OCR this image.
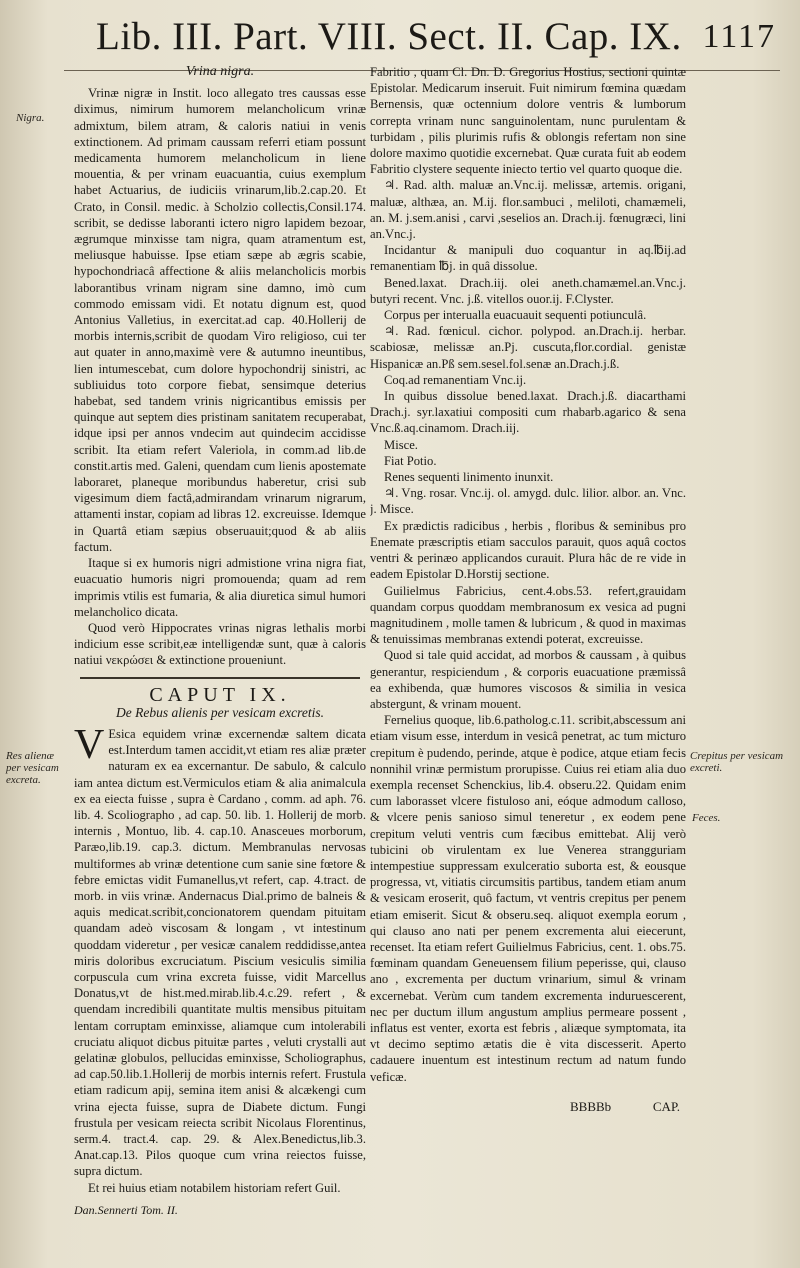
Lib. III. Part. VIII. Sect. II. Cap. IX. 1117
Nigra.
Res alienæ per vesicam excreta.
Crepitus per vesicam excreti.
Feces.
Vrina nigra.

Vrinæ nigræ in Instit. loco allegato tres caussas esse diximus, nimirum humorem melancholicum vrinæ admixtum, bilem atram, & caloris natiui in venis extinctionem. Ad primam caussam referri etiam possunt medicamenta humorem melancholicum in liene mouentia, & per vrinam euacuantia, cuius exemplum habet Actuarius, de iudiciis vrinarum,lib.2.cap.20. Et Crato, in Consil. medic. à Scholzio collectis,Consil.174. scribit, se dedisse laboranti ictero nigro lapidem bezoar, ægrumque minxisse tam nigra, quam atramentum est, meliusque habuisse. Ipse etiam sæpe ab ægris scabie, hypochondriacâ affectione & aliis melancholicis morbis laborantibus vrinam nigram sine damno, imò cum commodo emissam vidi. Et notatu dignum est, quod Antonius Valletius, in exercitat.ad cap. 40.Hollerij de morbis internis,scribit de quodam Viro religioso, cui ter aut quater in anno,maximè vere & autumno ineuntibus, lien intumescebat, cum dolore hypochondrij sinistri, ac subliuidus toto corpore fiebat, sensimque deterius habebat, sed tandem vrinis nigricantibus emissis per quinque aut septem dies pristinam sanitatem recuperabat, idque ipsi per annos vndecim aut quindecim accidisse scribit. Ita etiam refert Valeriola, in comm.ad lib.de constit.artis med. Galeni, quendam cum lienis apostemate laboraret, planeque moribundus haberetur, crisi sub vigesimum diem factâ,admirandam vrinarum nigrarum, attamenti instar, copiam ad libras 12. excreuisse. Idemque in Quartâ etiam sæpius obseruauit;quod & ab aliis factum.

Itaque si ex humoris nigri admistione vrina nigra fiat, euacuatio humoris nigri promouenda; quam ad rem imprimis vtilis est fumaria, & alia diuretica simul humori melancholico dicata.

Quod verò Hippocrates vrinas nigras lethalis morbi indicium esse scribit,eæ intelligendæ sunt, quæ à caloris natiui νεκρώσει & extinctione proueniunt.

CAPUT IX.
De Rebus alienis per vesicam excretis.

V Esica equidem vrinæ excernendæ saltem dicata est.Interdum tamen accidit,vt etiam res aliæ præter naturam ex ea excernantur. De sabulo, & calculo iam antea dictum est.Vermiculos etiam & alia animalcula ex ea eiecta fuisse , supra è Cardano , comm. ad aph. 76. lib. 4. Scoliographo , ad cap. 50. lib. 1. Hollerij de morb. internis , Montuo, lib. 4. cap.10. Anasceues morborum, Paræo,lib.19. cap.3. dictum. Membranulas nervosas multiformes ab vrinæ detentione cum sanie sine fœtore & febre emictas vidit Fumanellus,vt refert, cap. 4.tract. de morb. in viis vrinæ. Andernacus Dial.primo de balneis & aquis medicat.scribit,concionatorem quendam pituitam quandam adeò viscosam & longam , vt intestinum quoddam videretur , per vesicæ canalem reddidisse,antea miris doloribus excruciatum. Piscium vesiculis similia corpuscula cum vrina excreta fuisse, vidit Marcellus Donatus,vt de hist.med.mirab.lib.4.c.29. refert , & quendam incredibili quantitate multis mensibus pituitam lentam corruptam eminxisse, aliamque cum intolerabili cruciatu aliquot dicbus pituitæ partes , veluti crystalli aut gelatinæ globulos, pellucidas eminxisse, Scholiographus, ad cap.50.lib.1.Hollerij de morbis internis refert. Frustula etiam radicum apij, semina item anisi & alcækengi cum vrina ejecta fuisse, supra de Diabete dictum. Fungi frustula per vesicam reiecta scribit Nicolaus Florentinus, serm.4. tract.4. cap. 29. & Alex.Benedictus,lib.3. Anat.cap.13. Pilos quoque cum vrina reiectos fuisse, supra dictum.

Et rei huius etiam notabilem historiam refert Guil.

Dan.Sennerti Tom. II.

Fabritio , quam Cl. Dn. D. Gregorius Hostius, sectioni quintæ Epistolar. Medicarum inseruit. Fuit nimirum fœmina quædam Bernensis, quæ octennium dolore ventris & lumborum correpta vrinam nunc sanguinolentam, nunc purulentam & turbidam , pilis plurimis rufis & oblongis refertam non sine dolore maximo quotidie excernebat. Quæ curata fuit ab eodem Fabritio clystere sequente iniecto tertio vel quarto quoque die.

♃. Rad. alth. maluæ an.Vnc.ij. melissæ, artemis. origani, maluæ, althæa, an. M.ij. flor.sambuci , meliloti, chamæmeli, an. M. j.sem.anisi , carvi ,seselios an. Drach.ij. fœnugræci, lini an.Vnc.j.

Incidantur & manipuli duo coquantur in aq.℔ij.ad remanentiam ℔j. in quâ dissolue.

Bened.laxat. Drach.iij. olei aneth.chamæmel.an.Vnc.j. butyri recent. Vnc. j.ß. vitellos ouor.ij. F.Clyster.

Corpus per interualla euacuauit sequenti potiunculâ.

♃. Rad. fœnicul. cichor. polypod. an.Drach.ij. herbar. scabiosæ, melissæ an.Pj. cuscuta,flor.cordial. genistæ Hispanicæ an.Pß sem.sesel.fol.senæ an.Drach.j.ß.

Coq.ad remanentiam Vnc.ij.

In quibus dissolue bened.laxat. Drach.j.ß. diacarthami Drach.j. syr.laxatiui compositi cum rhabarb.agarico & sena Vnc.ß.aq.cinamom. Drach.iij.

Misce.

Fiat Potio.

Renes sequenti linimento inunxit.

♃. Vng. rosar. Vnc.ij. ol. amygd. dulc. lilior. albor. an. Vnc. j. Misce.

Ex prædictis radicibus , herbis , floribus & seminibus pro Enemate præscriptis etiam sacculos parauit, quos aquâ coctos ventri & perinæo applicandos curauit. Plura hâc de re vide in eadem Epistolar D.Horstij sectione.

Guilielmus Fabricius, cent.4.obs.53. refert,grauidam quandam corpus quoddam membranosum ex vesica ad pugni magnitudinem , molle tamen & lubricum , & quod in maximas & tenuissimas membranas extendi poterat, excreuisse.

Quod si tale quid accidat, ad morbos & caussam , à quibus generantur, respiciendum , & corporis euacuatione præmissâ ea exhibenda, quæ humores viscosos & similia in vesica abstergunt, & vrinam mouent.

Fernelius quoque, lib.6.patholog.c.11. scribit,abscessum ani etiam visum esse, interdum in vesicâ penetrat, ac tum micturo crepitum è pudendo, perinde, atque è podice, atque etiam fecis nonnihil vrinæ permistum prorupisse. Cuius rei etiam alia duo exempla recenset Schenckius, lib.4. obseru.22. Quidam enim cum laborasset vlcere fistuloso ani, eóque admodum calloso, & vlcere penis sanioso simul teneretur , ex eodem pene crepitum veluti ventris cum fæcibus emittebat. Alij verò tubicini ob virulentam ex lue Venerea strangguriam intempestiue suppressam exulceratio suborta est, & eousque progressa, vt, vitiatis circumsitis partibus, tandem etiam anum & vesicam eroserit, quô factum, vt ventris crepitus per penem etiam emiserit. Sicut & obseru.seq. aliquot exempla eorum , qui clauso ano nati per penem excrementa alui eiecerunt, recenset. Ita etiam refert Guilielmus Fabricius, cent. 1. obs.75. fœminam quandam Geneuensem filium peperisse, qui, clauso ano , excrementa per ductum vrinarium, simul & vrinam excernebat. Verùm cum tandem excrementa induruescerent, nec per ductum illum angustum amplius permeare possent , inflatus est venter, exorta est febris , aliæque symptomata, ita vt decimo septimo ætatis die è vita discesserit. Aperto cadauere inuentum est intestinum rectum ad natum fundo veficæ.

BBBBb	CAP.
